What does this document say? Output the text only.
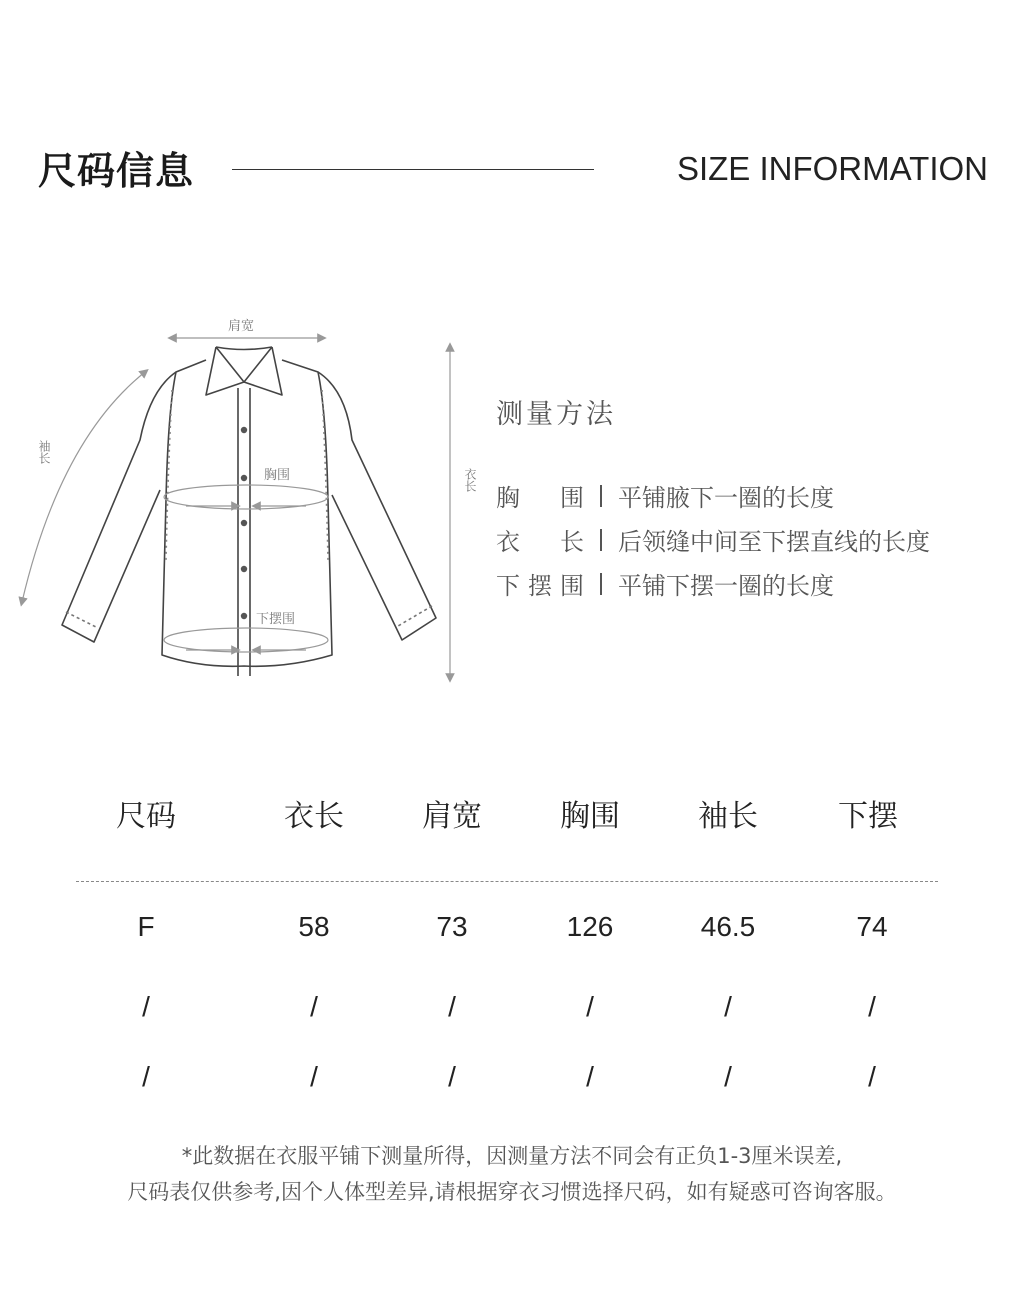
尺码信息	SIZE INFORMATION
肩宽
胸围
下摆围
袖长
衣长
测量方法
胸围 平铺腋下一圈的长度
衣长 后领缝中间至下摆直线的长度
下摆围 平铺下摆一圈的长度
尺码	衣长	肩宽	胸围	袖长	下摆
F	58	73	126	46.5	74
/	/	/	/	/	/
/	/	/	/	/	/
*此数据在衣服平铺下测量所得，因测量方法不同会有正负1-3厘米误差,
尺码表仅供参考,因个人体型差异,请根据穿衣习惯选择尺码，如有疑惑可咨询客服。
